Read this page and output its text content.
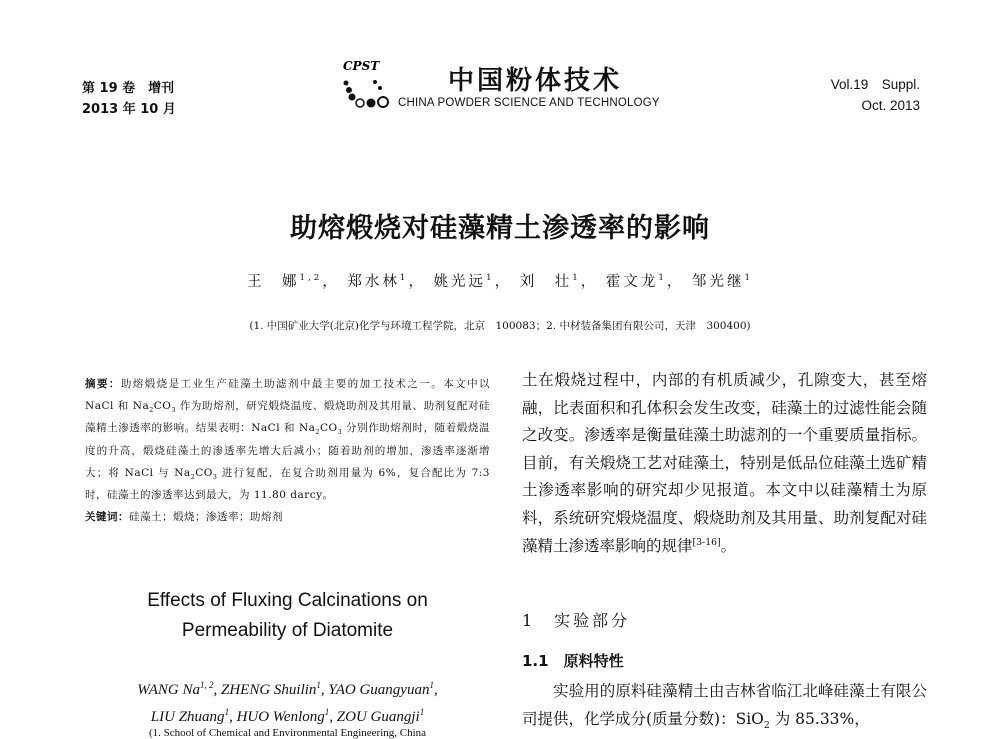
第 19 卷　增刊
2013 年 10 月
CPST	中国粉体技术
CHINA POWDER SCIENCE AND TECHNOLOGY
Vol.19　Suppl.
Oct. 2013
助熔煅烧对硅藻精土渗透率的影响
王　娜$^{1,2}$， 郑水林$^1$， 姚光远$^1$， 刘　壮$^1$， 霍文龙$^1$， 邹光继$^1$
(1. 中国矿业大学(北京)化学与环境工程学院，北京　100083；2. 中材装备集团有限公司，天津　300400)

摘要：助熔煅烧是工业生产硅藻土助滤剂中最主要的加工技术之一。本文中以 NaCl 和 $Na_2CO_3$ 作为助熔剂，研究煅烧温度、煅烧助剂及其用量、助剂复配对硅藻精土渗透率的影响。结果表明：NaCl 和 $Na_2CO_3$ 分别作助熔剂时，随着煅烧温度的升高，煅烧硅藻土的渗透率先增大后减小；随着助剂的增加，渗透率逐渐增大；将 NaCl 与 $Na_2CO_3$ 进行复配，在复合助剂用量为 6%，复合配比为 7:3 时，硅藻土的渗透率达到最大，为 11.80 darcy。

关键词：硅藻土；煅烧；渗透率；助熔剂

Effects of Fluxing Calcinations on
Permeability of Diatomite
WANG Na$^{1, 2}$, ZHENG Shuilin$^1$, YAO Guangyuan$^1$,
LIU Zhuang$^1$, HUO Wenlong$^1$, ZOU Guangji$^1$
(1. School of Chemical and Environmental Engineering, China

土在煅烧过程中，内部的有机质减少，孔隙变大，甚至熔融，比表面积和孔体积会发生改变，硅藻土的过滤性能会随之改变。渗透率是衡量硅藻土助滤剂的一个重要质量指标。目前，有关煅烧工艺对硅藻土，特别是低品位硅藻土选矿精土渗透率影响的研究却少见报道。本文中以硅藻精土为原料，系统研究煅烧温度、煅烧助剂及其用量、助剂复配对硅藻精土渗透率影响的规律[3-16]。

1　实验部分
1.1　原料特性
实验用的原料硅藻精土由吉林省临江北峰硅藻土有限公司提供，化学成分(质量分数)：SiO$_2$ 为 85.33%，
